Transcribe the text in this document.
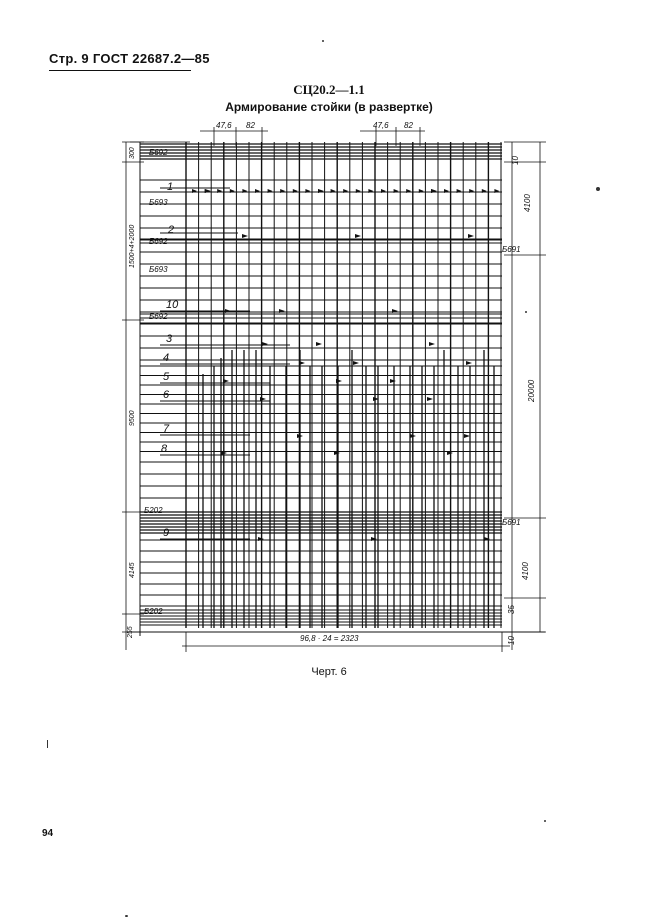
Стр. 9 ГОСТ 22687.2—85
СЦ20.2—1.1
Армирование стойки (в развертке)
47,6 82	47,6 82
Б692
Б693
Б692
Б693
Б692
Б202
Б202
1
2
10
3
4
5
6
7
8
9
300
1500+4+2000
9500
4145
255
10
4100
20000
4100
35
10
Б691
Б691
96,8 · 24 = 2323
Черт. 6
94
